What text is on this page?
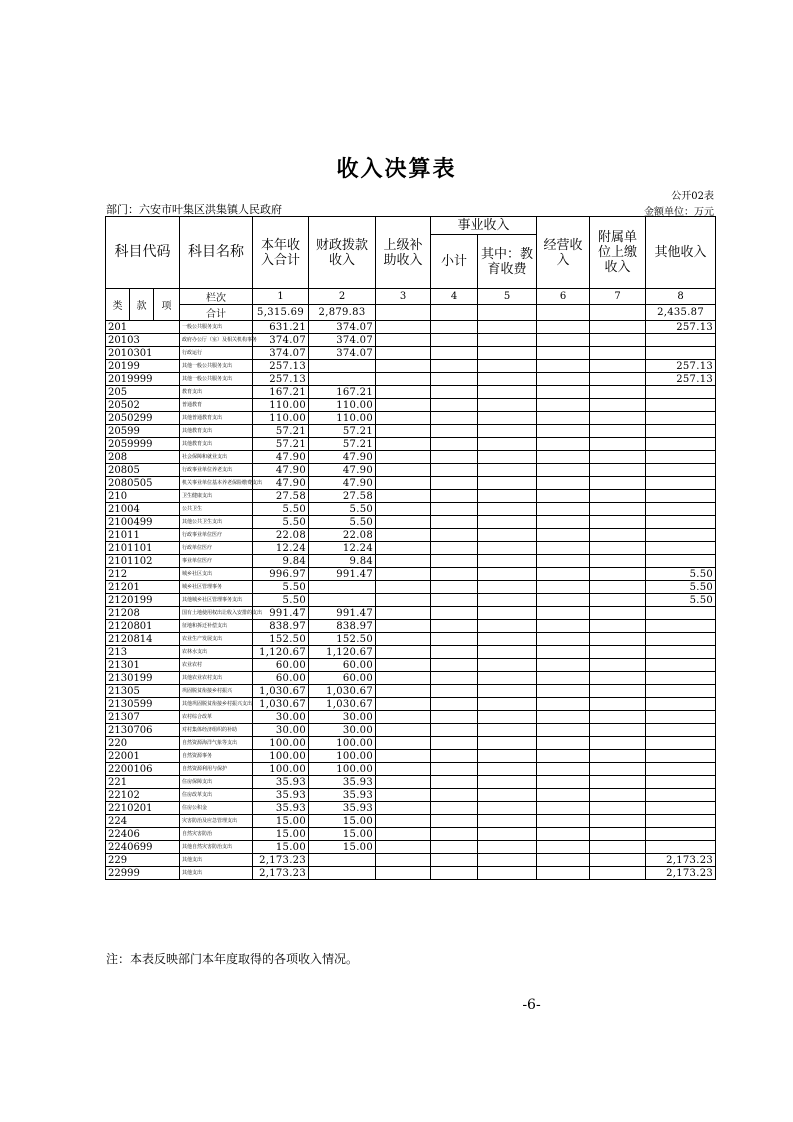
收入决算表
公开02表
部门：六安市叶集区洪集镇人民政府	金额单位：万元
科目代码			科目名称	本年收入合计	财政拨款收入	上级补助收入	事业收入		经营收入	附属单位上缴收入	其他收入
							小计	其中：教育收费			
类	款	项	栏次	1	2	3	4	5	6	7	8
			合计	5,315.69	2,879.83						2,435.87
201			一般公共服务支出	631.21	374.07						257.13
20103			政府办公厅（室）及相关机构事务	374.07	374.07						
2010301			行政运行	374.07	374.07						
20199			其他一般公共服务支出	257.13							257.13
2019999			其他一般公共服务支出	257.13							257.13
205			教育支出	167.21	167.21						
20502			普通教育	110.00	110.00						
2050299			其他普通教育支出	110.00	110.00						
20599			其他教育支出	57.21	57.21						
2059999			其他教育支出	57.21	57.21						
208			社会保障和就业支出	47.90	47.90						
20805			行政事业单位养老支出	47.90	47.90						
2080505			机关事业单位基本养老保险缴费支出	47.90	47.90						
210			卫生健康支出	27.58	27.58						
21004			公共卫生	5.50	5.50						
2100499			其他公共卫生支出	5.50	5.50						
21011			行政事业单位医疗	22.08	22.08						
2101101			行政单位医疗	12.24	12.24						
2101102			事业单位医疗	9.84	9.84						
212			城乡社区支出	996.97	991.47						5.50
21201			城乡社区管理事务	5.50							5.50
2120199			其他城乡社区管理事务支出	5.50							5.50
21208			国有土地使用权出让收入安排的支出	991.47	991.47						
2120801			征地和拆迁补偿支出	838.97	838.97						
2120814			农业生产发展支出	152.50	152.50						
213			农林水支出	1,120.67	1,120.67						
21301			农业农村	60.00	60.00						
2130199			其他农业农村支出	60.00	60.00						
21305			巩固脱贫衔接乡村振兴	1,030.67	1,030.67						
2130599			其他巩固脱贫衔接乡村振兴支出	1,030.67	1,030.67						
21307			农村综合改革	30.00	30.00						
2130706			对村集体经济组织的补助	30.00	30.00						
220			自然资源海洋气象等支出	100.00	100.00						
22001			自然资源事务	100.00	100.00						
2200106			自然资源利用与保护	100.00	100.00						
221			住房保障支出	35.93	35.93						
22102			住房改革支出	35.93	35.93						
2210201			住房公积金	35.93	35.93						
224			灾害防治及应急管理支出	15.00	15.00						
22406			自然灾害防治	15.00	15.00						
2240699			其他自然灾害防治支出	15.00	15.00						
229			其他支出	2,173.23							2,173.23
22999			其他支出	2,173.23							2,173.23
注：本表反映部门本年度取得的各项收入情况。
-6-
